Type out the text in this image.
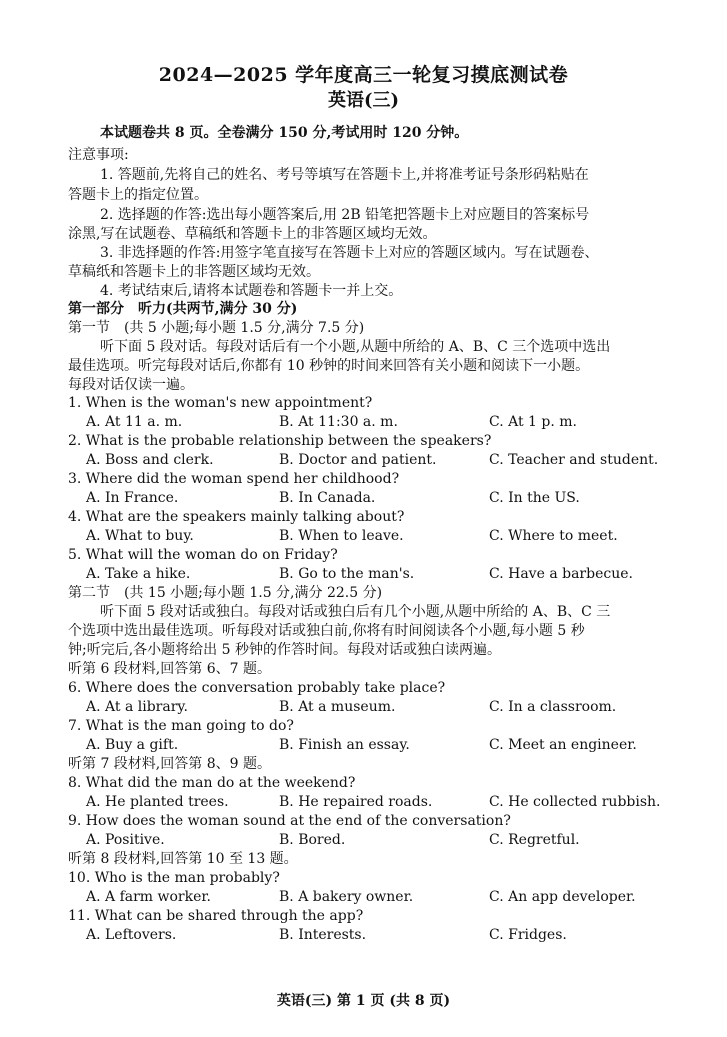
2024—2025 学年度高三一轮复习摸底测试卷
英语(三)
本试题卷共 8 页。全卷满分 150 分,考试用时 120 分钟。
注意事项:
1. 答题前,先将自己的姓名、考号等填写在答题卡上,并将准考证号条形码粘贴在
答题卡上的指定位置。
2. 选择题的作答:选出每小题答案后,用 2B 铅笔把答题卡上对应题目的答案标号
涂黑,写在试题卷、草稿纸和答题卡上的非答题区域均无效。
3. 非选择题的作答:用签字笔直接写在答题卡上对应的答题区域内。写在试题卷、
草稿纸和答题卡上的非答题区域均无效。
4. 考试结束后,请将本试题卷和答题卡一并上交。
第一部分　听力(共两节,满分 30 分)
第一节　(共 5 小题;每小题 1.5 分,满分 7.5 分)
听下面 5 段对话。每段对话后有一个小题,从题中所给的 A、B、C 三个选项中选出
最佳选项。听完每段对话后,你都有 10 秒钟的时间来回答有关小题和阅读下一小题。
每段对话仅读一遍。
1. When is the woman's new appointment?
A. At 11 a. m.	B. At 11:30 a. m.	C. At 1 p. m.
2. What is the probable relationship between the speakers?
A. Boss and clerk.	B. Doctor and patient.	C. Teacher and student.
3. Where did the woman spend her childhood?
A. In France.	B. In Canada.	C. In the US.
4. What are the speakers mainly talking about?
A. What to buy.	B. When to leave.	C. Where to meet.
5. What will the woman do on Friday?
A. Take a hike.	B. Go to the man's.	C. Have a barbecue.
第二节　(共 15 小题;每小题 1.5 分,满分 22.5 分)
听下面 5 段对话或独白。每段对话或独白后有几个小题,从题中所给的 A、B、C 三
个选项中选出最佳选项。听每段对话或独白前,你将有时间阅读各个小题,每小题 5 秒
钟;听完后,各小题将给出 5 秒钟的作答时间。每段对话或独白读两遍。
听第 6 段材料,回答第 6、7 题。
6. Where does the conversation probably take place?
A. At a library.	B. At a museum.	C. In a classroom.
7. What is the man going to do?
A. Buy a gift.	B. Finish an essay.	C. Meet an engineer.
听第 7 段材料,回答第 8、9 题。
8. What did the man do at the weekend?
A. He planted trees.	B. He repaired roads.	C. He collected rubbish.
9. How does the woman sound at the end of the conversation?
A. Positive.	B. Bored.	C. Regretful.
听第 8 段材料,回答第 10 至 13 题。
10. Who is the man probably?
A. A farm worker.	B. A bakery owner.	C. An app developer.
11. What can be shared through the app?
A. Leftovers.	B. Interests.	C. Fridges.
英语(三) 第 1 页 (共 8 页)
